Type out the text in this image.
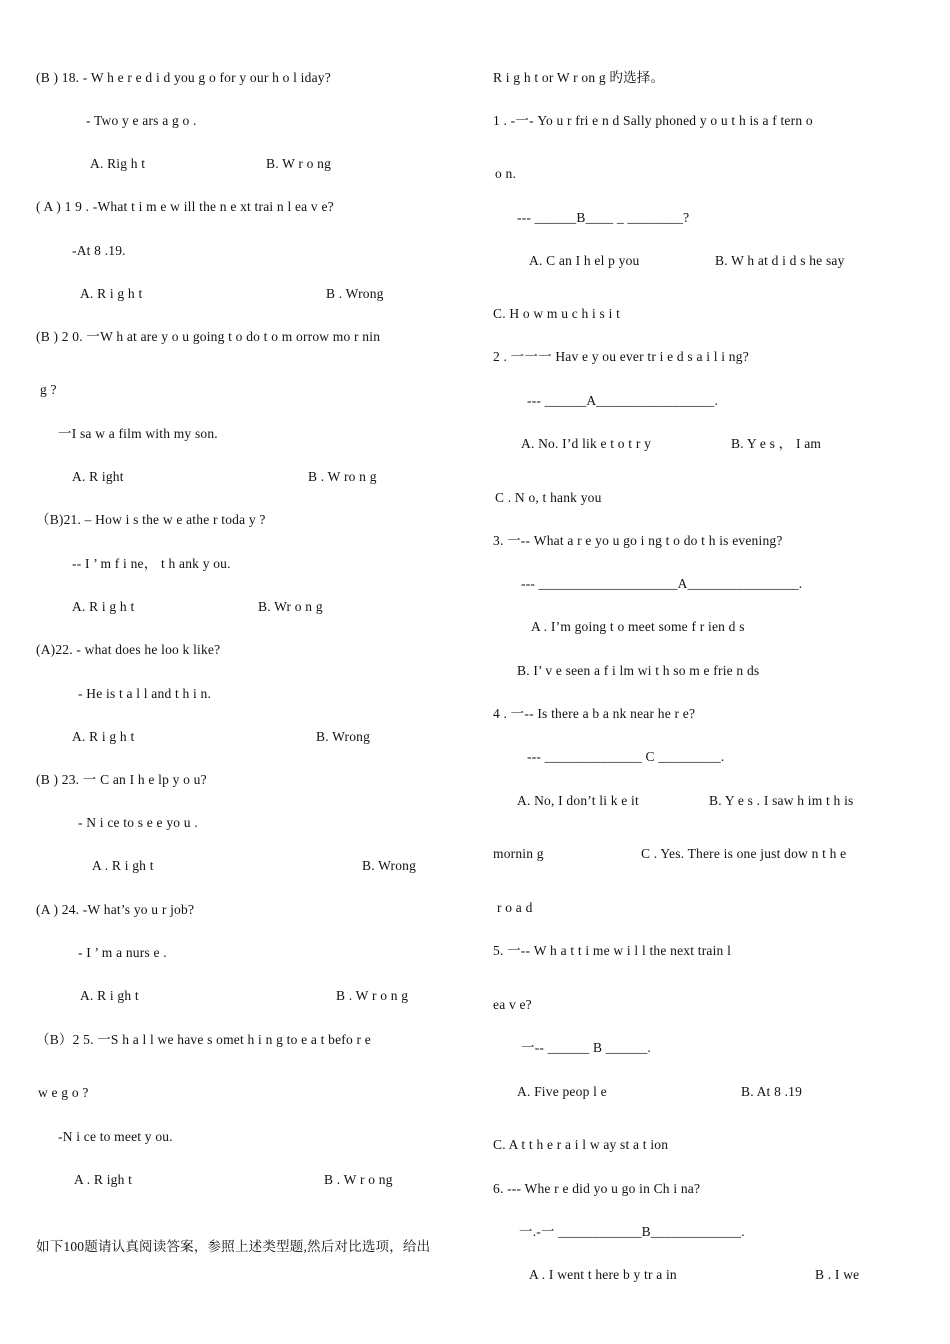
(B ) 18. - W h e r e d i d you g o for y our h o l iday?
- Two y e ars a g o .
A. Rig h t	B. W r o ng
( A ) 1 9 . -What t i m e w ill the n e xt trai n l ea v e?
-At 8 .19.
A. R i g h t	B . Wrong
(B ) 2 0. 一W h at are y o u going t o do t o m orrow mo r nin
g ?
一I sa w a film with my son.
A. R ight	B . W ro n g
（B)21. – How i s the w e athe r toda y ?
-- I ’ m f i ne， t h ank y ou.
A. R i g h t	B. Wr o n g
(A)22. - what does he loo k like?
- He is t a l l and t h i n.
A. R i g h t	B. Wrong
(B ) 23. 一 C an I h e lp y o u?
- N i ce to s e e yo u .
A . R i gh t	B. Wrong
(A ) 24. -W hat’s yo u r job?
- I ’ m a nurs e .
A. R i gh t	B . W r o n g
（B）2 5. 一S h a l l we have s omet h i n g to e a t befo r e
w e g o ?
-N i ce to meet y ou.
A . R igh t	B . W r o ng
如下100题请认真阅读答案，参照上述类型题,然后对比选项，给出
R i g h t or W r on g 旳选择。
1 . -一- Yo u r fri e n d Sally phoned y o u t h is a f tern o
o n.
--- ______B____ _ ________?
A. C an I h el p you	B. W h at d i d s he say
C. H o w m u c h i s i t
2 . 一一一 Hav e y ou ever tr i e d s a i l i ng?
--- ______A_________________.
A. No. I’d lik e t o t r y	B. Y e s ， I am
C . N o, t hank you
3. 一-- What a r e yo u go i ng t o do t h is evening?
--- ____________________A________________.
A . I’m going t o meet some f r ien d s
B. I’ v e seen a f i lm wi t h so m e frie n ds
4 . 一-- Is there a b a nk near he r e?
--- ______________ C _________.
A. No, I don’t li k e it	B. Y e s . I saw h im t h is
mornin g	C . Yes. There is one just dow n t h e
r o a d
5. 一-- W h a t t i me w i l l the next train l
ea v e?
一-- ______ B ______.
A. Five peop l e	B. At 8 .19
C. A t t h e r a i l w ay st a t ion
6. --- Whe r e did yo u go in Ch i na?
一.-一 ____________B_____________.
A . I went t here b y tr a in	B . I we
